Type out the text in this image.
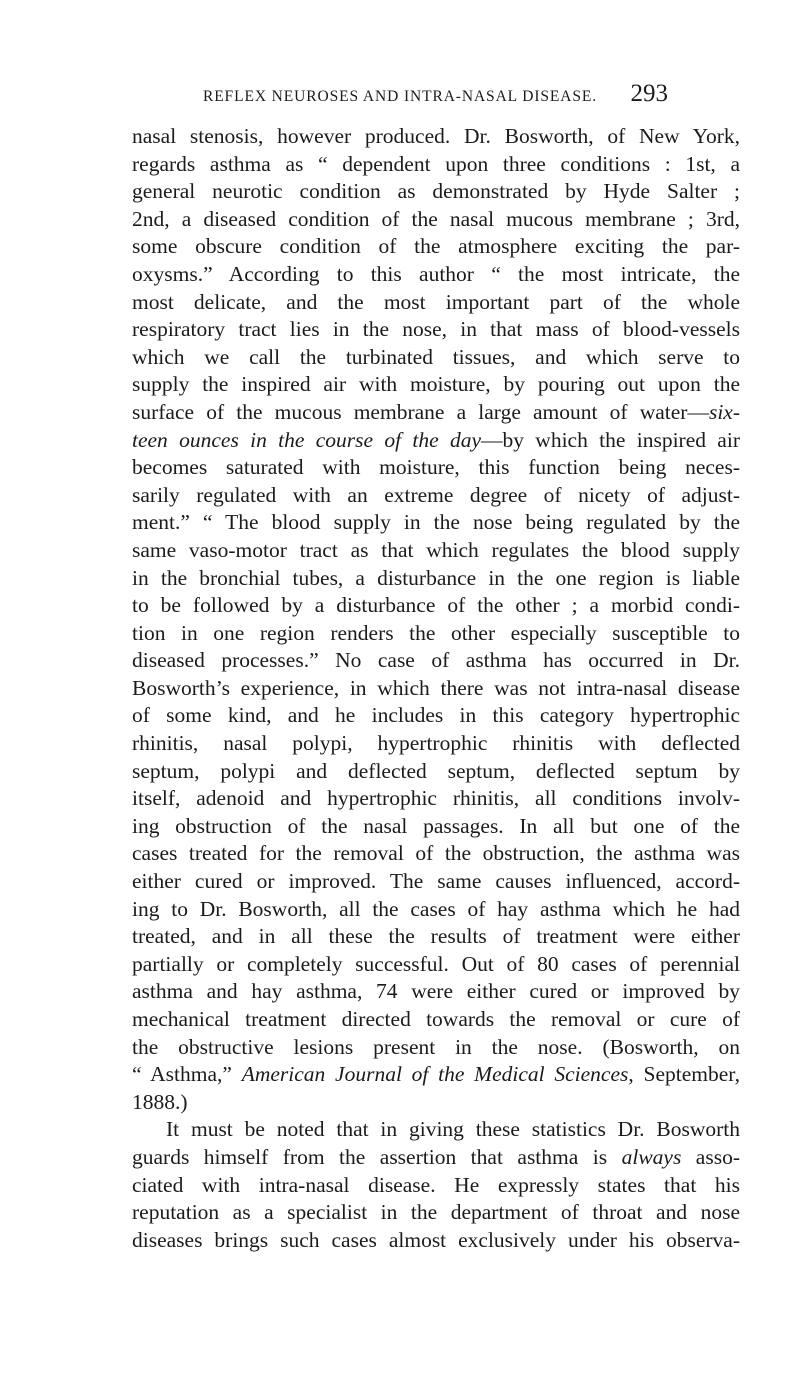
REFLEX NEUROSES AND INTRA-NASAL DISEASE.	293
nasal stenosis, however produced. Dr. Bosworth, of New York,
regards asthma as “ dependent upon three conditions : 1st, a
general neurotic condition as demonstrated by Hyde Salter ;
2nd, a diseased condition of the nasal mucous membrane ; 3rd,
some obscure condition of the atmosphere exciting the par-
oxysms.” According to this author “ the most intricate, the
most delicate, and the most important part of the whole
respiratory tract lies in the nose, in that mass of blood-vessels
which we call the turbinated tissues, and which serve to
supply the inspired air with moisture, by pouring out upon the
surface of the mucous membrane a large amount of water—six-
teen ounces in the course of the day—by which the inspired air
becomes saturated with moisture, this function being neces-
sarily regulated with an extreme degree of nicety of adjust-
ment.” “ The blood supply in the nose being regulated by the
same vaso-motor tract as that which regulates the blood supply
in the bronchial tubes, a disturbance in the one region is liable
to be followed by a disturbance of the other ; a morbid condi-
tion in one region renders the other especially susceptible to
diseased processes.” No case of asthma has occurred in Dr.
Bosworth’s experience, in which there was not intra-nasal disease
of some kind, and he includes in this category hypertrophic
rhinitis, nasal polypi, hypertrophic rhinitis with deflected
septum, polypi and deflected septum, deflected septum by
itself, adenoid and hypertrophic rhinitis, all conditions involv-
ing obstruction of the nasal passages. In all but one of the
cases treated for the removal of the obstruction, the asthma was
either cured or improved. The same causes influenced, accord-
ing to Dr. Bosworth, all the cases of hay asthma which he had
treated, and in all these the results of treatment were either
partially or completely successful. Out of 80 cases of perennial
asthma and hay asthma, 74 were either cured or improved by
mechanical treatment directed towards the removal or cure of
the obstructive lesions present in the nose. (Bosworth, on
“ Asthma,” American Journal of the Medical Sciences, September,
1888.)
It must be noted that in giving these statistics Dr. Bosworth
guards himself from the assertion that asthma is always asso-
ciated with intra-nasal disease. He expressly states that his
reputation as a specialist in the department of throat and nose
diseases brings such cases almost exclusively under his observa-
